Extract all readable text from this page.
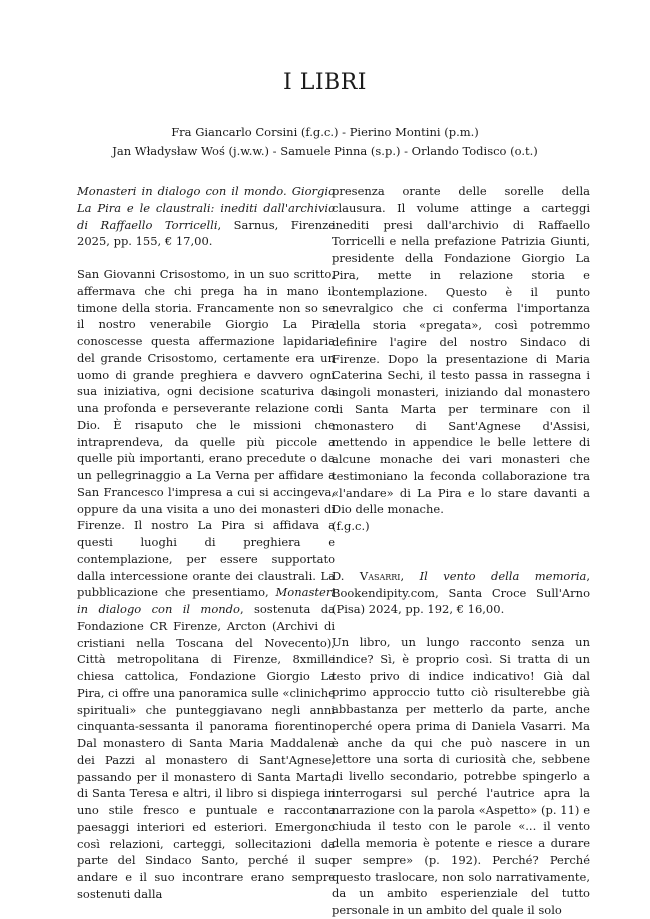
I LIBRI
Fra Giancarlo Corsini (f.g.c.) - Pierino Montini (p.m.)
Jan Władysław Woś (j.w.w.) - Samuele Pinna (s.p.) - Orlando Todisco (o.t.)

Monasteri in dialogo con il mondo. Giorgio La Pira e le claustrali: inediti dall'archivio di Raffaello Torricelli, Sarnus, Firenze 2025, pp. 155, € 17,00.

San Giovanni Crisostomo, in un suo scritto, affermava che chi prega ha in mano il timone della storia. Francamente non so se il nostro venerabile Giorgio La Pira conoscesse questa affermazione lapidaria del grande Crisostomo, certamente era un uomo di grande preghiera e davvero ogni sua iniziativa, ogni decisione scaturiva da una profonda e perseverante relazione con Dio. È risaputo che le missioni che intraprendeva, da quelle più piccole a quelle più importanti, erano precedute o da un pellegrinaggio a La Verna per affidare a San Francesco l'impresa a cui si accingeva, oppure da una visita a uno dei monasteri di Firenze. Il nostro La Pira si affidava a questi luoghi di preghiera e contemplazione, per essere supportato dalla intercessione orante dei claustrali. La pubblicazione che presentiamo, Monasteri in dialogo con il mondo, sostenuta da Fondazione CR Firenze, Arcton (Archivi di cristiani nella Toscana del Novecento), Città metropolitana di Firenze, 8xmille chiesa cattolica, Fondazione Giorgio La Pira, ci offre una panoramica sulle «cliniche spirituali» che punteggiavano negli anni cinquanta-sessanta il panorama fiorentino. Dal monastero di Santa Maria Maddalena dei Pazzi al monastero di Sant'Agnese, passando per il monastero di Santa Marta, di Santa Teresa e altri, il libro si dispiega in uno stile fresco e puntuale e racconta paesaggi interiori ed esteriori. Emergono così relazioni, carteggi, sollecitazioni da parte del Sindaco Santo, perché il suo andare e il suo incontrare erano sempre sostenuti dalla

presenza orante delle sorelle della clausura. Il volume attinge a carteggi inediti presi dall'archivio di Raffaello Torricelli e nella prefazione Patrizia Giunti, presidente della Fondazione Giorgio La Pira, mette in relazione storia e contemplazione. Questo è il punto nevralgico che ci conferma l'importanza della storia «pregata», così potremmo definire l'agire del nostro Sindaco di Firenze. Dopo la presentazione di Maria Caterina Sechi, il testo passa in rassegna i singoli monasteri, iniziando dal monastero di Santa Marta per terminare con il monastero di Sant'Agnese d'Assisi, mettendo in appendice le belle lettere di alcune monache dei vari monasteri che testimoniano la feconda collaborazione tra «l'andare» di La Pira e lo stare davanti a Dio delle monache.

(f.g.c.)

D. Vasarri, Il vento della memoria, Bookendipity.com, Santa Croce Sull'Arno (Pisa) 2024, pp. 192, € 16,00.

Un libro, un lungo racconto senza un indice? Sì, è proprio così. Si tratta di un testo privo di indice indicativo! Già dal primo approccio tutto ciò risulterebbe già abbastanza per metterlo da parte, anche perché opera prima di Daniela Vasarri. Ma è anche da qui che può nascere in un lettore una sorta di curiosità che, sebbene di livello secondario, potrebbe spingerlo a interrogarsi sul perché l'autrice apra la narrazione con la parola «Aspetto» (p. 11) e chiuda il testo con le parole «... il vento della memoria è potente e riesce a durare per sempre» (p. 192). Perché? Perché questo traslocare, non solo narrativamente, da un ambito esperienziale del tutto personale in un ambito del quale il solo
